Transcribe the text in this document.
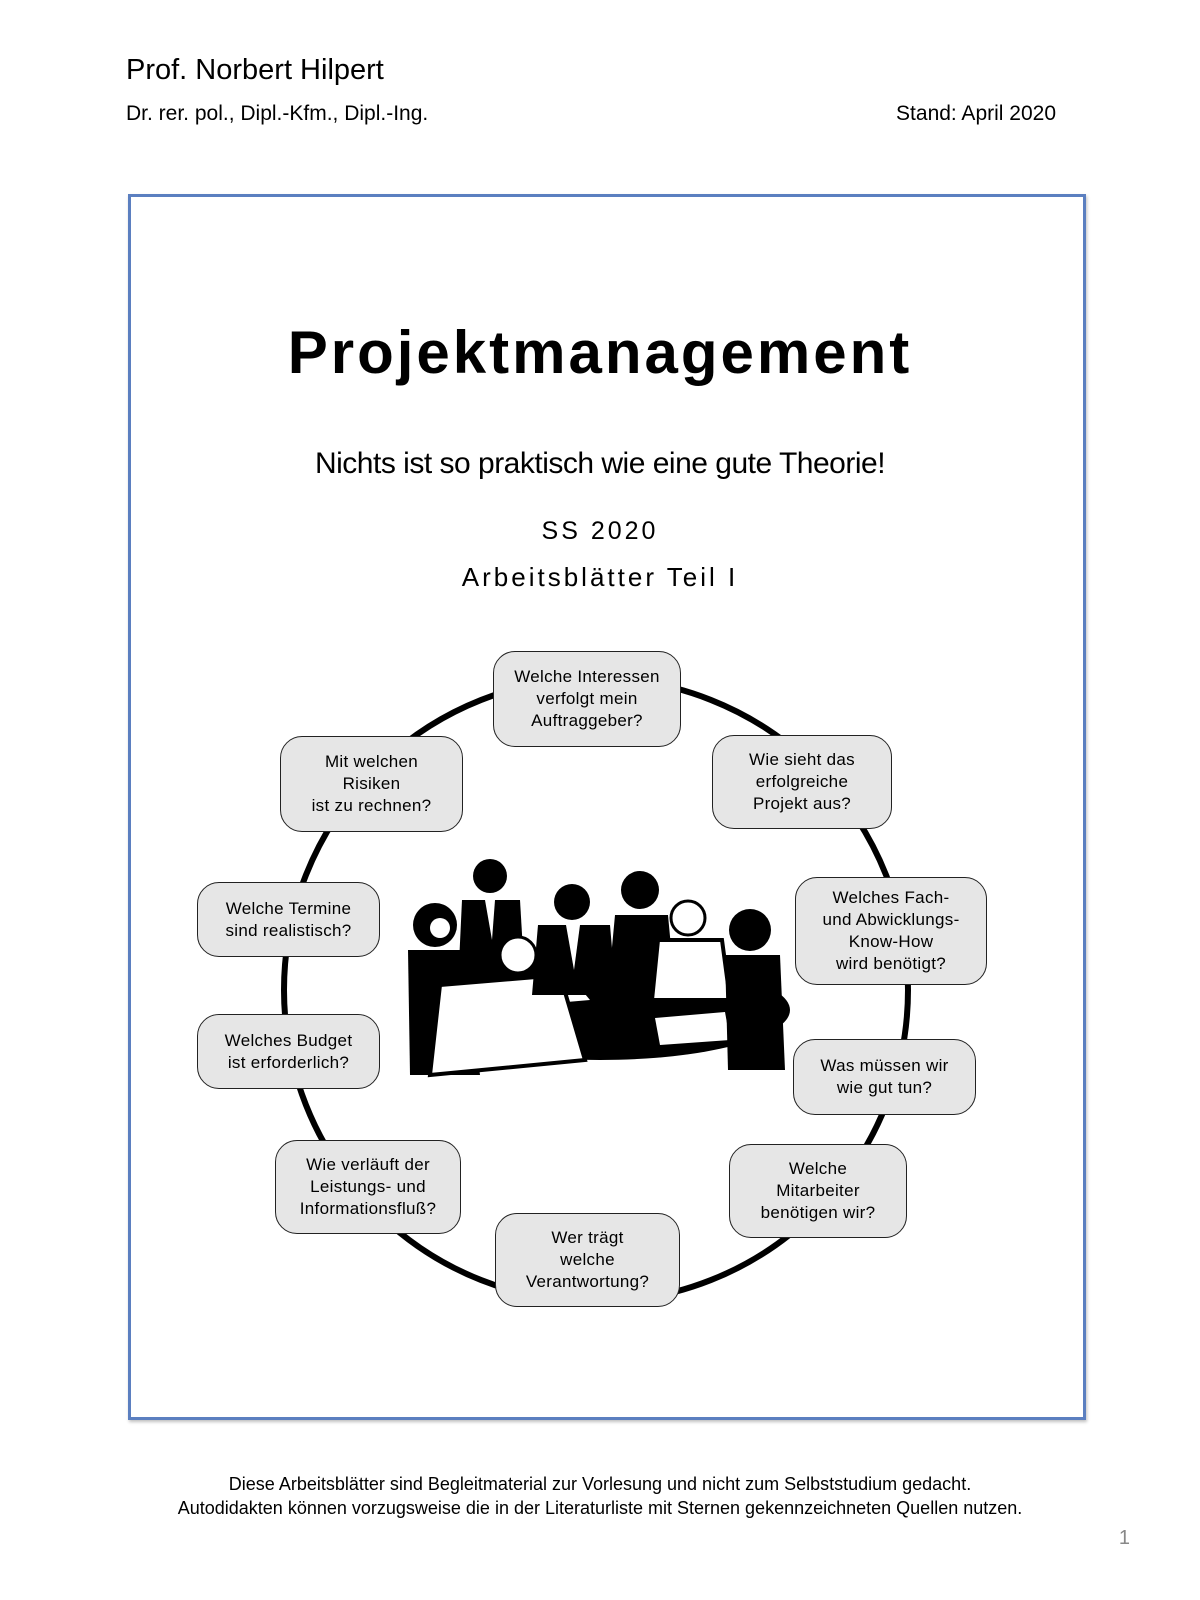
Prof. Norbert Hilpert
Dr. rer. pol., Dipl.-Kfm., Dipl.-Ing.	Stand: April 2020
Projektmanagement
Nichts ist so praktisch wie eine gute Theorie!
SS 2020
Arbeitsblätter Teil I
Welche Interessen
verfolgt mein
Auftraggeber?
Wie sieht das
erfolgreiche
Projekt aus?
Welches Fach-
und Abwicklungs-
Know-How
wird benötigt?
Was müssen wir
wie gut tun?
Welche
Mitarbeiter
benötigen wir?
Wer trägt
welche
Verantwortung?
Wie verläuft der
Leistungs- und
Informationsfluß?
Welches Budget
ist erforderlich?
Welche Termine
sind realistisch?
Mit welchen
Risiken
ist zu rechnen?
Diese Arbeitsblätter sind Begleitmaterial zur Vorlesung und nicht zum Selbststudium gedacht.
Autodidakten können vorzugsweise die in der Literaturliste mit Sternen gekennzeichneten Quellen nutzen.
1
